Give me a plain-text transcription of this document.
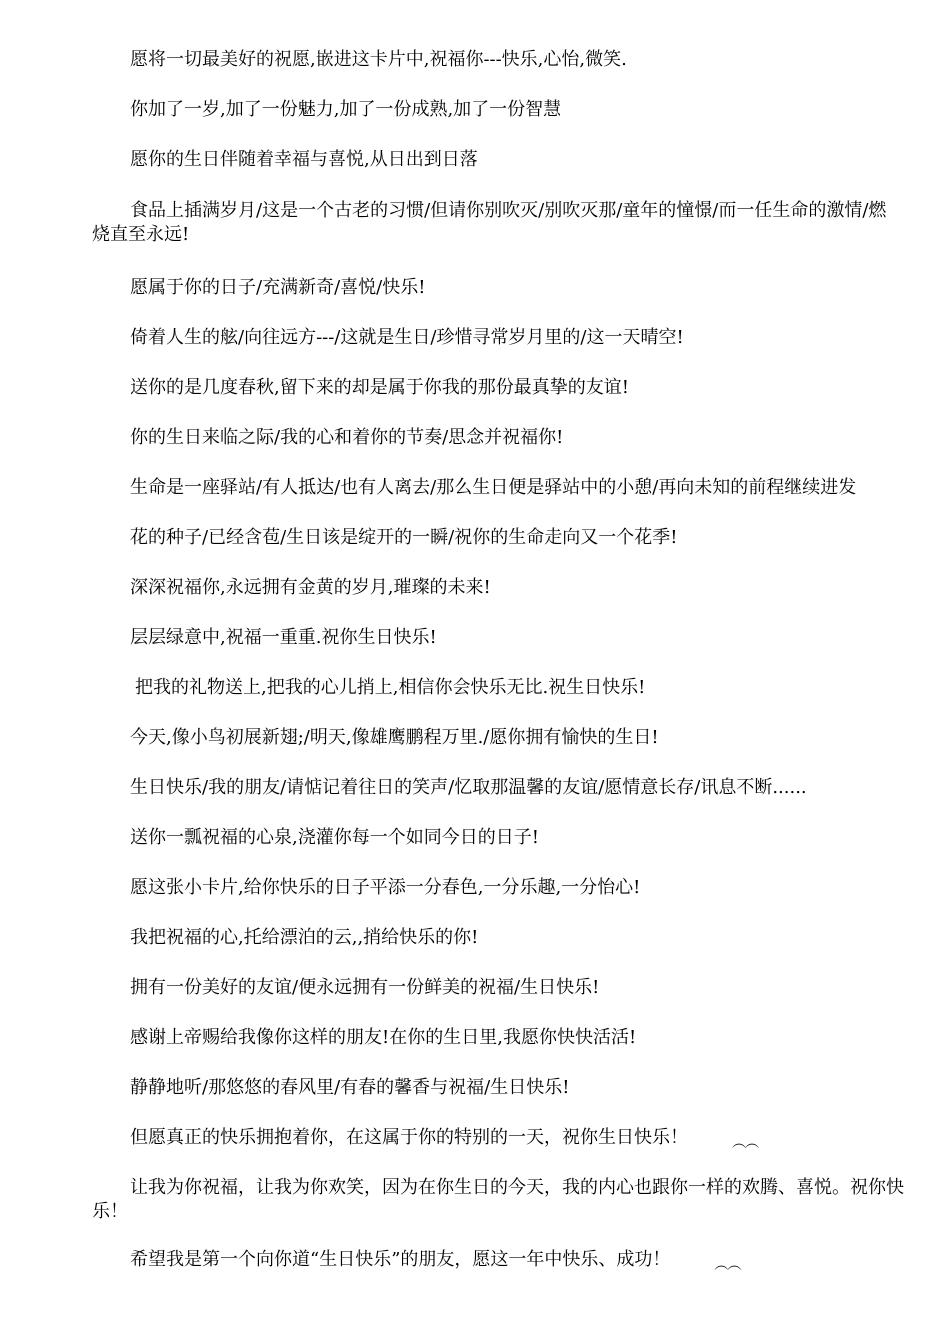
愿将一切最美好的祝愿,嵌进这卡片中,祝福你---快乐,心怡,微笑.

你加了一岁,加了一份魅力,加了一份成熟,加了一份智慧

愿你的生日伴随着幸福与喜悦,从日出到日落

食品上插满岁月/这是一个古老的习惯/但请你别吹灭/别吹灭那/童年的憧憬/而一任生命的激情/燃烧直至永远!

愿属于你的日子/充满新奇/喜悦/快乐!

倚着人生的舷/向往远方---/这就是生日/珍惜寻常岁月里的/这一天晴空!

送你的是几度春秋,留下来的却是属于你我的那份最真挚的友谊!

你的生日来临之际/我的心和着你的节奏/思念并祝福你!

生命是一座驿站/有人抵达/也有人离去/那么生日便是驿站中的小憩/再向未知的前程继续进发

花的种子/已经含苞/生日该是绽开的一瞬/祝你的生命走向又一个花季!

深深祝福你,永远拥有金黄的岁月,璀璨的未来!

层层绿意中,祝福一重重.祝你生日快乐!

把我的礼物送上,把我的心儿捎上,相信你会快乐无比.祝生日快乐!

今天,像小鸟初展新翅;/明天,像雄鹰鹏程万里./愿你拥有愉快的生日!

生日快乐/我的朋友/请惦记着往日的笑声/忆取那温馨的友谊/愿情意长存/讯息不断......

送你一瓢祝福的心泉,浇灌你每一个如同今日的日子!

愿这张小卡片,给你快乐的日子平添一分春色,一分乐趣,一分怡心!

我把祝福的心,托给漂泊的云,,捎给快乐的你!

拥有一份美好的友谊/便永远拥有一份鲜美的祝福/生日快乐!

感谢上帝赐给我像你这样的朋友!在你的生日里,我愿你快快活活!

静静地听/那悠悠的春风里/有春的馨香与祝福/生日快乐!

但愿真正的快乐拥抱着你，在这属于你的特别的一天，祝你生日快乐！	︵︵

让我为你祝福，让我为你欢笑，因为在你生日的今天，我的内心也跟你一样的欢腾、喜悦。祝你快乐！

希望我是第一个向你道“生日快乐”的朋友，愿这一年中快乐、成功！	︵︵
